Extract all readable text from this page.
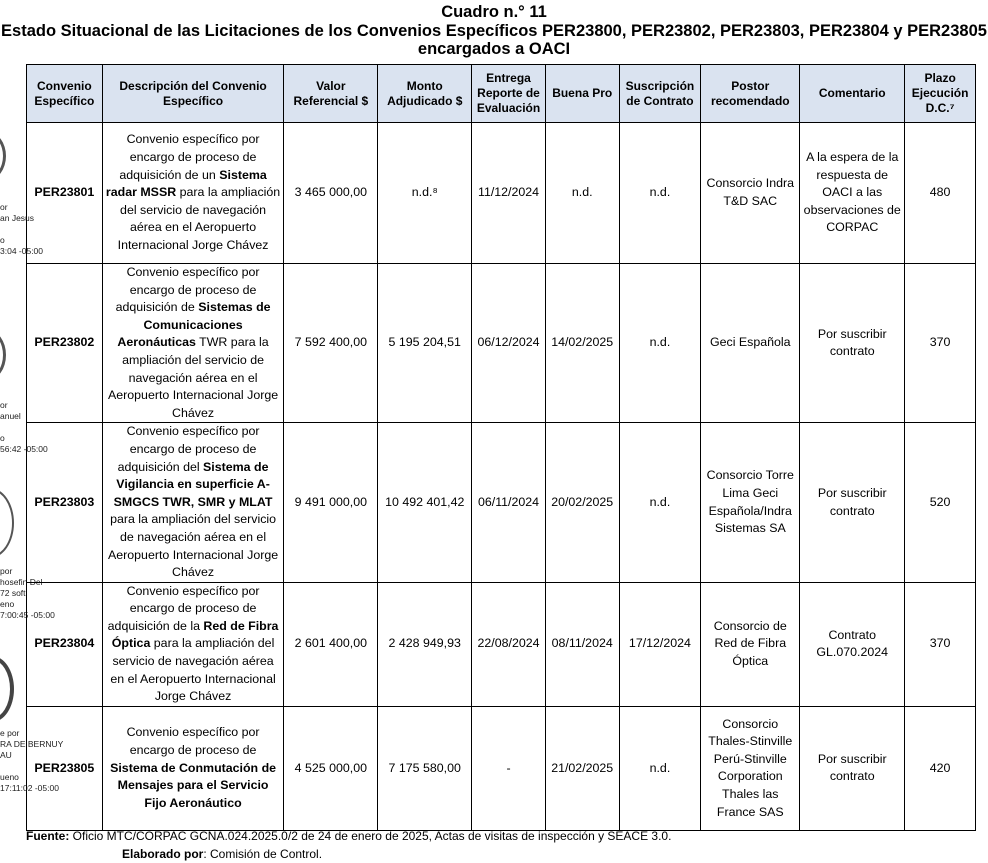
Cuadro n.° 11
Estado Situacional de las Licitaciones de los Convenios Específicos PER23800, PER23802, PER23803, PER23804 y PER23805
encargados a OACI
or
an Jesus

o
3:04 -05:00
or
anuel

o
56:42 -05:00
por
hosefin Del
72 soft
eno
7:00:45 -05:00
e por
RA DE BERNUY
AU

ueno
17:11:02 -05:00
Convenio Específico	Descripción del Convenio Específico	Valor Referencial $	Monto Adjudicado $	Entrega Reporte de Evaluación	Buena Pro	Suscripción de Contrato	Postor recomendado	Comentario	Plazo Ejecución D.C.⁷
PER23801	Convenio específico por encargo de proceso de adquisición de un Sistema radar MSSR para la ampliación del servicio de navegación aérea en el Aeropuerto Internacional Jorge Chávez	3 465 000,00	n.d.⁸	11/12/2024	n.d.	n.d.	Consorcio Indra T&D SAC	A la espera de la respuesta de OACI a las observaciones de CORPAC	480
PER23802	Convenio específico por encargo de proceso de adquisición de Sistemas de Comunicaciones Aeronáuticas TWR para la ampliación del servicio de navegación aérea en el Aeropuerto Internacional Jorge Chávez	7 592 400,00	5 195 204,51	06/12/2024	14/02/2025	n.d.	Geci Española	Por suscribir contrato	370
PER23803	Convenio específico por encargo de proceso de adquisición del Sistema de Vigilancia en superficie A-SMGCS TWR, SMR y MLAT para la ampliación del servicio de navegación aérea en el Aeropuerto Internacional Jorge Chávez	9 491 000,00	10 492 401,42	06/11/2024	20/02/2025	n.d.	Consorcio Torre Lima Geci Española/Indra Sistemas SA	Por suscribir contrato	520
PER23804	Convenio específico por encargo de proceso de adquisición de la Red de Fibra Óptica para la ampliación del servicio de navegación aérea en el Aeropuerto Internacional Jorge Chávez	2 601 400,00	2 428 949,93	22/08/2024	08/11/2024	17/12/2024	Consorcio de Red de Fibra Óptica	Contrato GL.070.2024	370
PER23805	Convenio específico por encargo de proceso de Sistema de Conmutación de Mensajes para el Servicio Fijo Aeronáutico	4 525 000,00	7 175 580,00	-	21/02/2025	n.d.	Consorcio Thales-Stinville Perú-Stinville Corporation Thales las France SAS	Por suscribir contrato	420
Fuente: Oficio MTC/CORPAC GCNA.024.2025.0/2 de 24 de enero de 2025, Actas de visitas de inspección y SEACE 3.0.
Elaborado por: Comisión de Control.
